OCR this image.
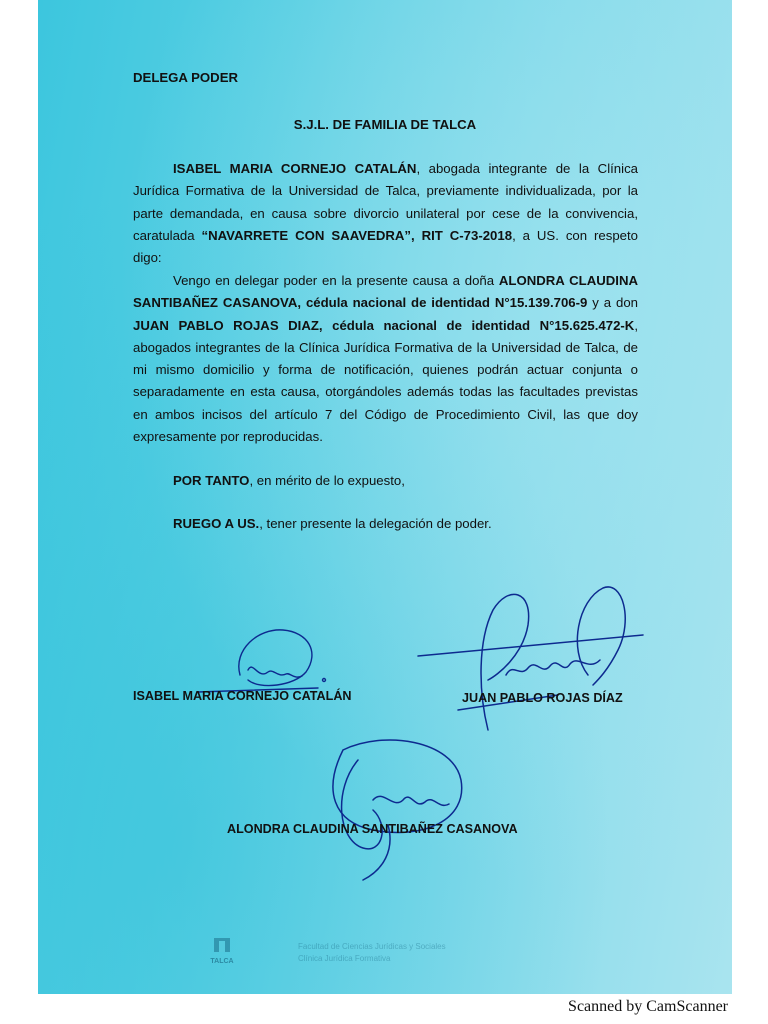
DELEGA PODER
S.J.L. DE FAMILIA DE TALCA
ISABEL MARIA CORNEJO CATALÁN, abogada integrante de la Clínica Jurídica Formativa de la Universidad de Talca, previamente individualizada, por la parte demandada, en causa sobre divorcio unilateral por cese de la convivencia, caratulada “NAVARRETE CON SAAVEDRA”, RIT C-73-2018, a US. con respeto digo:
Vengo en delegar poder en la presente causa a doña ALONDRA CLAUDINA SANTIBAÑEZ CASANOVA, cédula nacional de identidad N°15.139.706-9 y a don JUAN PABLO ROJAS DIAZ, cédula nacional de identidad N°15.625.472-K, abogados integrantes de la Clínica Jurídica Formativa de la Universidad de Talca, de mi mismo domicilio y forma de notificación, quienes podrán actuar conjunta o separadamente en esta causa, otorgándoles además todas las facultades previstas en ambos incisos del artículo 7 del Código de Procedimiento Civil, las que doy expresamente por reproducidas.
POR TANTO, en mérito de lo expuesto,
RUEGO A US., tener presente la delegación de poder.
ISABEL MARIA CORNEJO CATALÁN	JUAN PABLO ROJAS DÍAZ
ALONDRA CLAUDINA SANTIBAÑEZ CASANOVA
TALCA
Facultad de Ciencias Jurídicas y Sociales
Clínica Jurídica Formativa
Scanned by CamScanner
